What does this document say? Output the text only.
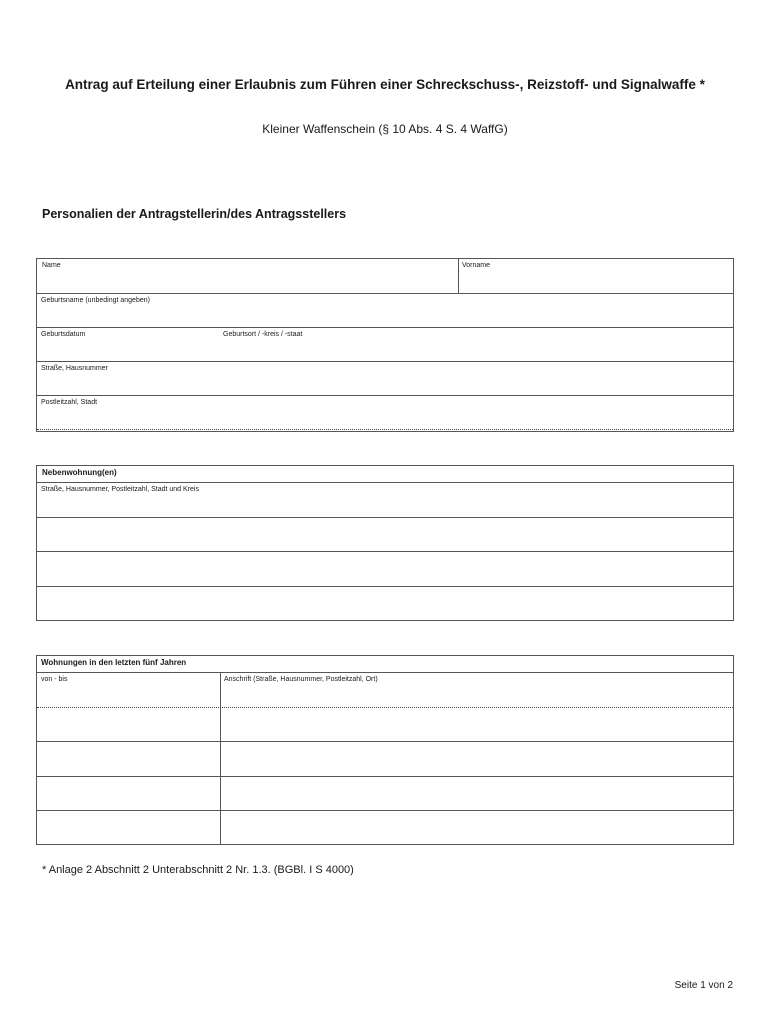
Antrag auf Erteilung einer Erlaubnis zum Führen einer Schreckschuss-, Reizstoff- und Signalwaffe *
Kleiner Waffenschein (§ 10 Abs. 4 S. 4 WaffG)
Personalien der Antragstellerin/des Antragsstellers
Name	Vorname
Geburtsname (unbedingt angeben)
Geburtsdatum	Geburtsort / -kreis / -staat
Straße, Hausnummer
Postleitzahl, Stadt
Nebenwohnung(en)
Straße, Hausnummer, Postleitzahl, Stadt und Kreis
Wohnungen in den letzten fünf Jahren
von - bis	Anschrift (Straße, Hausnummer, Postleitzahl, Ort)
* Anlage 2 Abschnitt 2 Unterabschnitt 2 Nr. 1.3. (BGBl. I S 4000)
Seite 1 von 2
